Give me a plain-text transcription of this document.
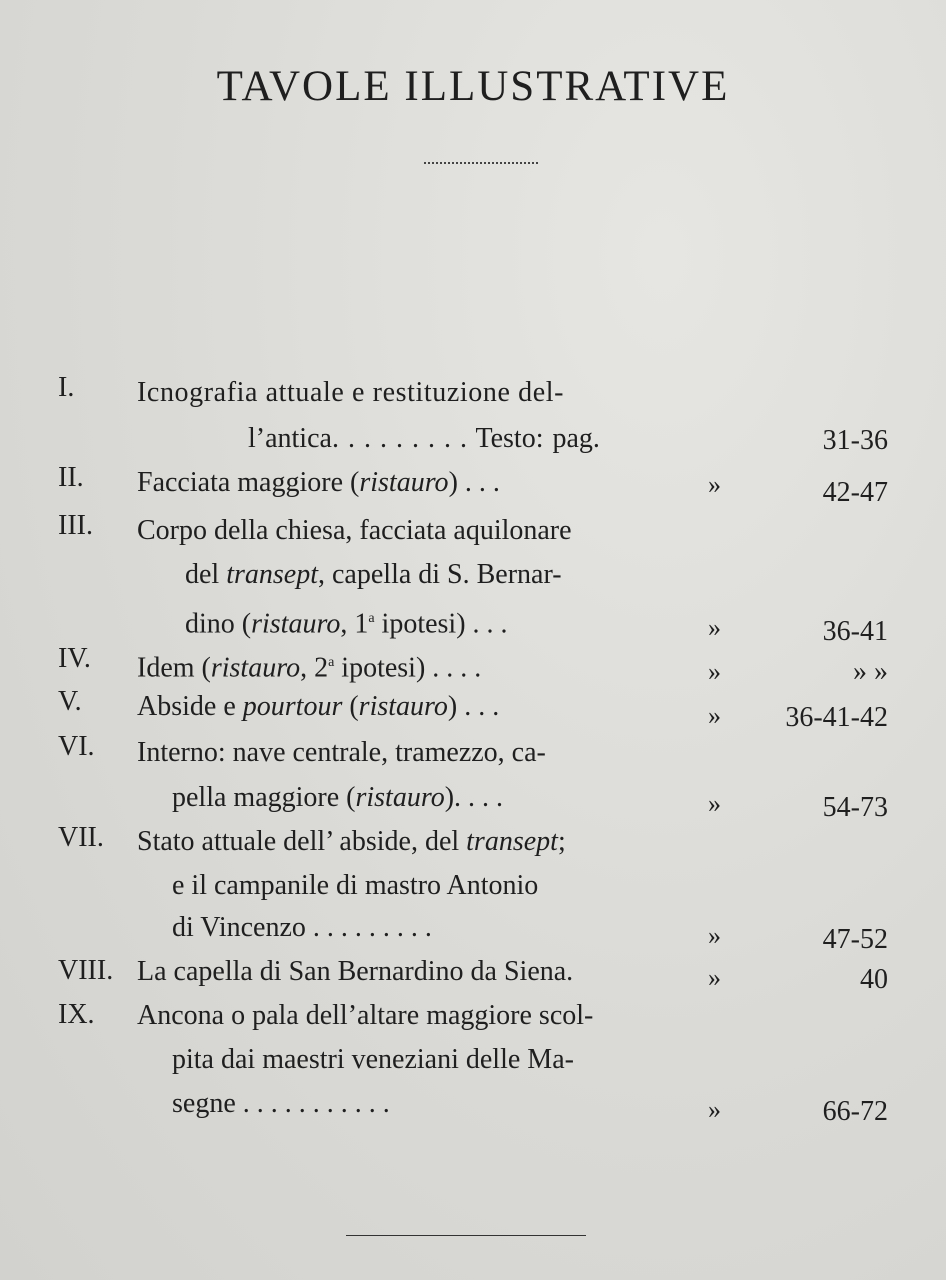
TAVOLE ILLUSTRATIVE
I. Icnografia attuale e restituzione del-
l’antica. . . . . . . . . Testo: pag.	31-36
II. Facciata maggiore (ristauro) . . .	»	42-47
III. Corpo della chiesa, facciata aquilonare
del transept, capella di S. Bernar-
dino (ristauro, 1$^a$ ipotesi) . . .	»	36-41
IV. Idem (ristauro, 2$^a$ ipotesi) . . . .	»	» »
V. Abside e pourtour (ristauro) . . .	» 36-41-42
VI. Interno: nave centrale, tramezzo, ca-
pella maggiore (ristauro). . . .	»	54-73
VII. Stato attuale dell’ abside, del transept;
e il campanile di mastro Antonio
di Vincenzo . . . . . . . . .	»	47-52
VIII. La capella di San Bernardino da Siena.	»	40
IX. Ancona o pala dell’altare maggiore scol-
pita dai maestri veneziani delle Ma-
segne . . . . . . . . . . .	»	66-72
